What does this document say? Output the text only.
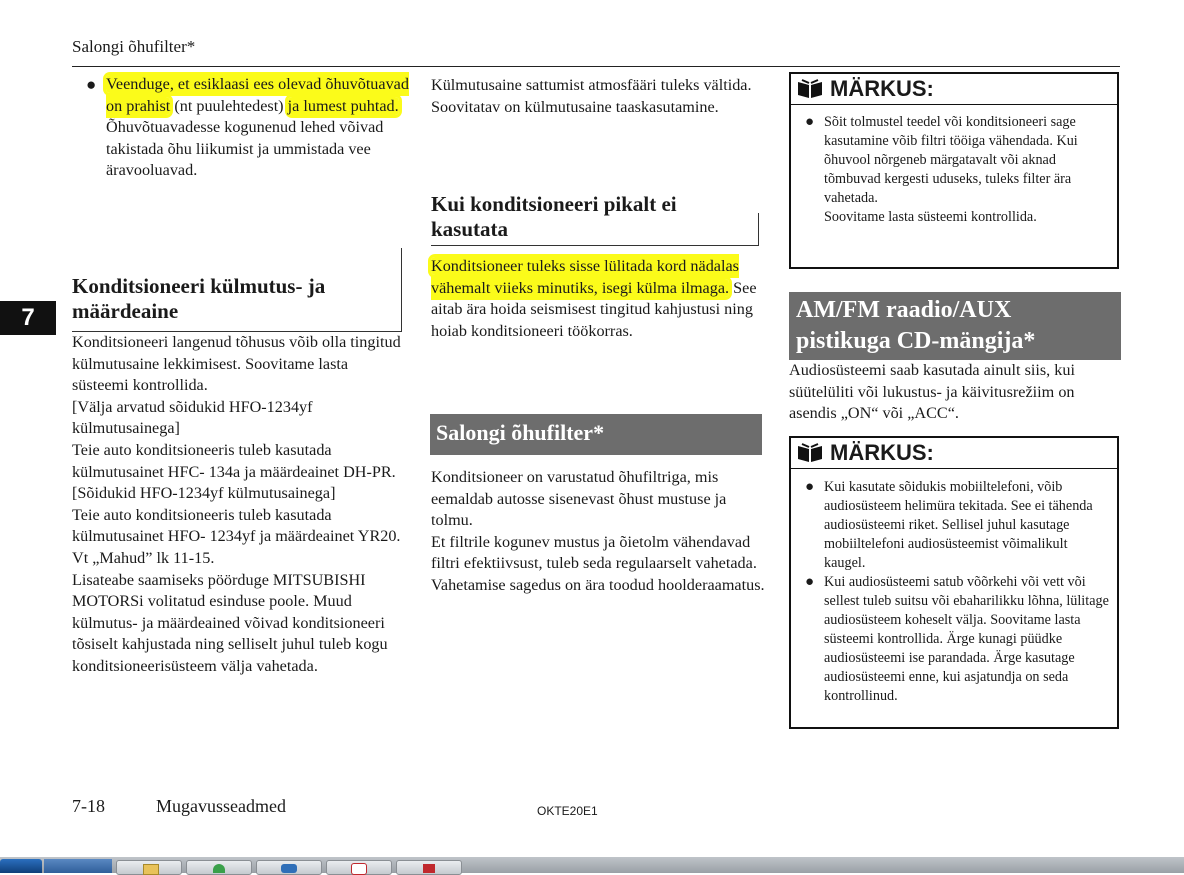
Salongi õhufilter*
7
● Veenduge, et esiklaasi ees olevad õhuvõtuavad on prahist (nt puulehtedest) ja lumest puhtad. Õhuvõtuavadesse kogunenud lehed võivad takistada õhu liikumist ja ummistada vee äravooluavad.
Konditsioneeri külmutus- ja määrdeaine

Konditsioneeri langenud tõhusus võib olla tingitud külmutusaine lekkimisest. Soovitame lasta süsteemi kontrollida.

[Välja arvatud sõidukid HFO-1234yf külmutusainega]

Teie auto konditsioneeris tuleb kasutada külmutusainet HFC- 134a ja määrdeainet DH-PR.

[Sõidukid HFO-1234yf külmutusainega]

Teie auto konditsioneeris tuleb kasutada külmutusainet HFO- 1234yf ja määrdeainet YR20. Vt „Mahud” lk 11-15.

Lisateabe saamiseks pöörduge MITSUBISHI MOTORSi volitatud esinduse poole. Muud külmutus- ja määrdeained võivad konditsioneeri tõsiselt kahjustada ning selliselt juhul tuleb kogu konditsioneerisüsteem välja vahetada.

Külmutusaine sattumist atmosfääri tuleks vältida.

Soovitatav on külmutusaine taaskasutamine.

Kui konditsioneeri pikalt ei kasutata
Konditsioneer tuleks sisse lülitada kord nädalas vähemalt viieks minutiks, isegi külma ilmaga. See aitab ära hoida seismisest tingitud kahjustusi ning hoiab konditsioneeri töökorras.
Salongi õhufilter*

Konditsioneer on varustatud õhufiltriga, mis eemaldab autosse sisenevast õhust mustuse ja tolmu.

Et filtrile kogunev mustus ja õietolm vähendavad filtri efektiivsust, tuleb seda regulaarselt vahetada. Vahetamise sagedus on ära toodud hoolderaamatus.

MÄRKUS:
● Sõit tolmustel teedel või konditsioneeri sage kasutamine võib filtri tööiga vähendada. Kui õhuvool nõrgeneb märgatavalt või aknad tõmbuvad kergesti uduseks, tuleks filter ära vahetada.
Soovitame lasta süsteemi kontrollida.
AM/FM raadio/AUX
pistikuga CD-mängija*
Audiosüsteemi saab kasutada ainult siis, kui süütelüliti või lukustus- ja käivitusrežiim on asendis „ON“ või „ACC“.
MÄRKUS:
● Kui kasutate sõidukis mobiiltelefoni, võib audiosüsteem helimüra tekitada. See ei tähenda audiosüsteemi riket. Sellisel juhul kasutage mobiiltelefoni audiosüsteemist võimalikult kaugel.
● Kui audiosüsteemi satub võõrkehi või vett või sellest tuleb suitsu või ebaharilikku lõhna, lülitage audiosüsteem koheselt välja. Soovitame lasta süsteemi kontrollida. Ärge kunagi püüdke audiosüsteemi ise parandada. Ärge kasutage audiosüsteemi enne, kui asjatundja on seda kontrollinud.
7-18	Mugavusseadmed	OKTE20E1
